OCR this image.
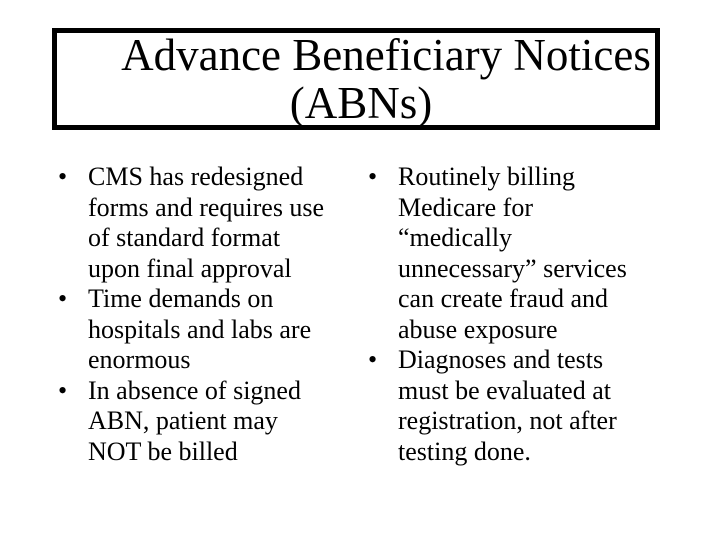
Advance Beneficiary Notices
(ABNs)
• CMS has redesigned
forms and requires use
of standard format
upon final approval
• Time demands on
hospitals and labs are
enormous
• In absence of signed
ABN, patient may
NOT be billed
• Routinely billing
Medicare for
“medically
unnecessary” services
can create fraud and
abuse exposure
• Diagnoses and tests
must be evaluated at
registration, not after
testing done.
